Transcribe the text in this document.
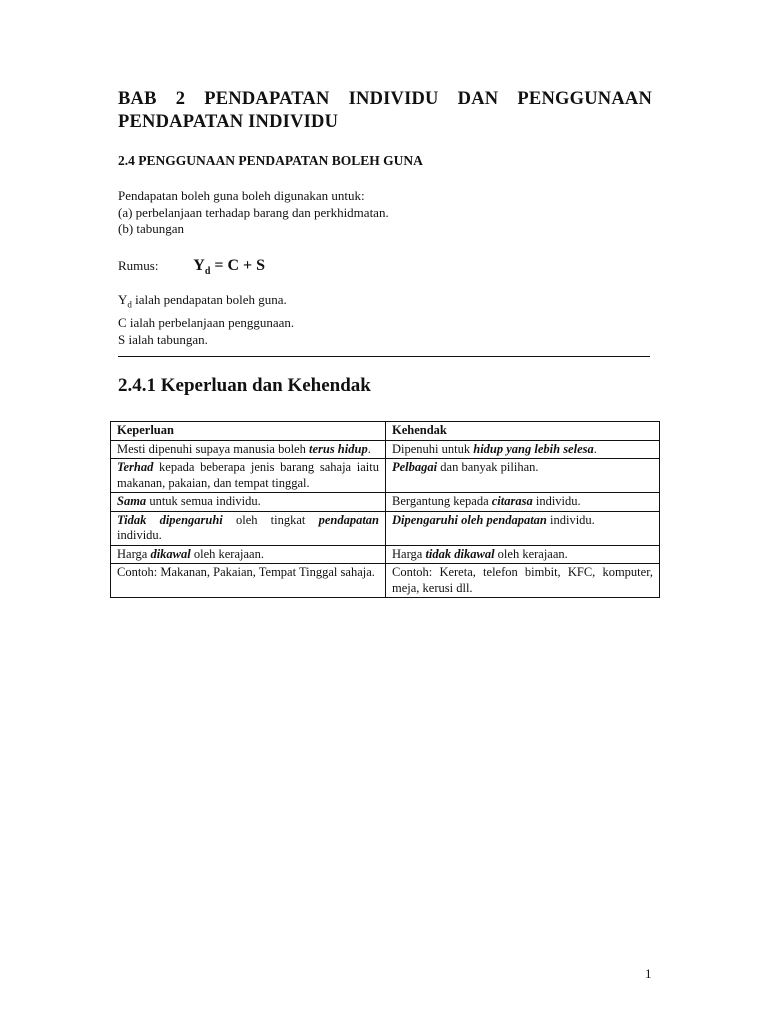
BAB 2 PENDAPATAN INDIVIDU DAN PENGGUNAAN PENDAPATAN INDIVIDU
2.4 PENGGUNAAN PENDAPATAN BOLEH GUNA
Pendapatan boleh guna boleh digunakan untuk:
(a) perbelanjaan terhadap barang dan perkhidmatan.
(b) tabungan
Rumus: $Y_d = C + S$
$Y_d$ ialah pendapatan boleh guna.
C ialah perbelanjaan penggunaan.
S ialah tabungan.
2.4.1 Keperluan dan Kehendak
Keperluan	Kehendak
Mesti dipenuhi supaya manusia boleh terus hidup.	Dipenuhi untuk hidup yang lebih selesa.
Terhad kepada beberapa jenis barang sahaja iaitu makanan, pakaian, dan tempat tinggal.	Pelbagai dan banyak pilihan.
Sama untuk semua individu.	Bergantung kepada citarasa individu.
Tidak dipengaruhi oleh tingkat pendapatan individu.	Dipengaruhi oleh pendapatan individu.
Harga dikawal oleh kerajaan.	Harga tidak dikawal oleh kerajaan.
Contoh: Makanan, Pakaian, Tempat Tinggal sahaja.	Contoh: Kereta, telefon bimbit, KFC, komputer, meja, kerusi dll.
1
